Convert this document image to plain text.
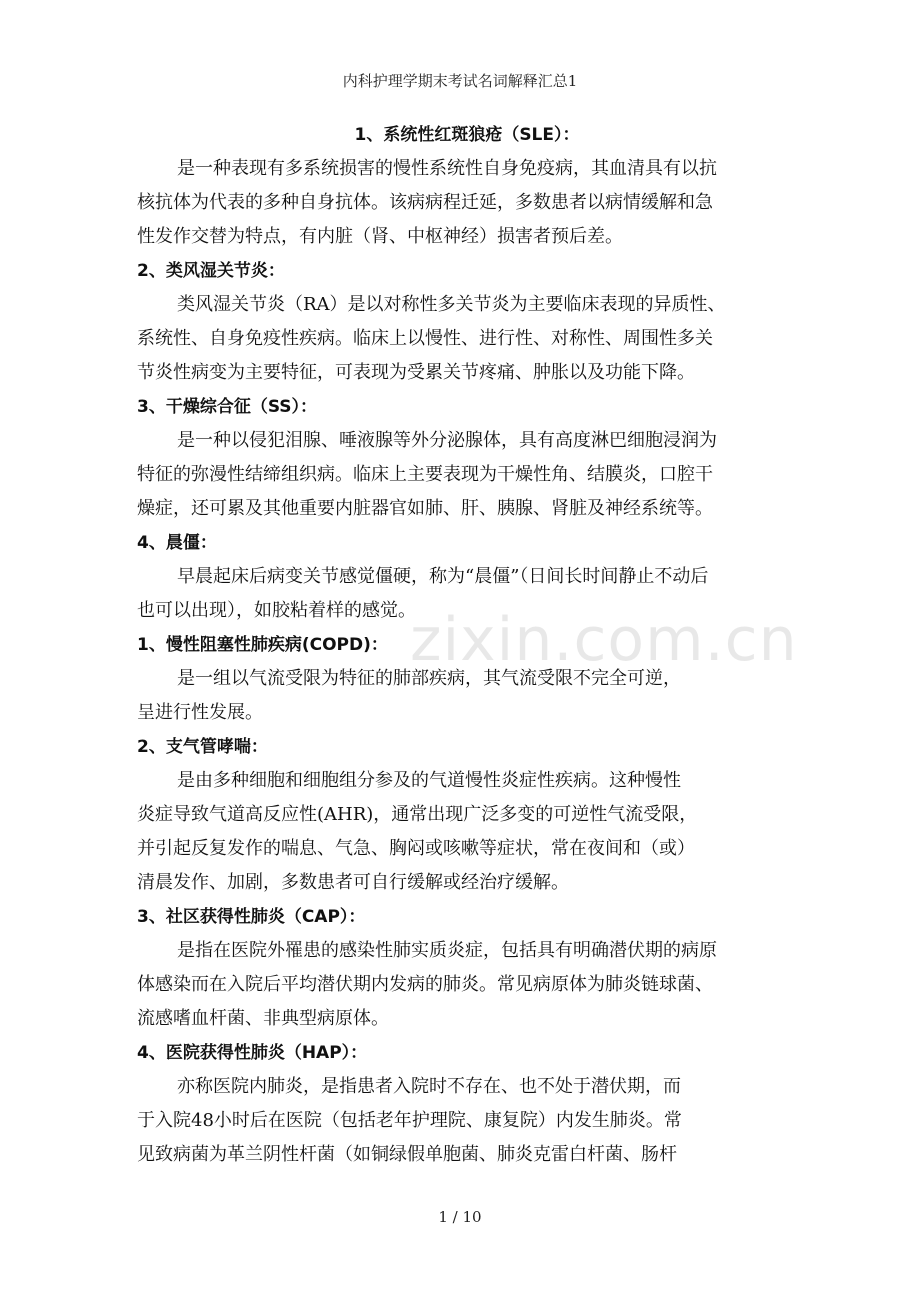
内科护理学期末考试名词解释汇总1

1、系统性红斑狼疮（SLE）：

是一种表现有多系统损害的慢性系统性自身免疫病，其血清具有以抗

核抗体为代表的多种自身抗体。该病病程迁延，多数患者以病情缓解和急

性发作交替为特点，有内脏（肾、中枢神经）损害者预后差。

2、类风湿关节炎：

类风湿关节炎（RA）是以对称性多关节炎为主要临床表现的异质性、

系统性、自身免疫性疾病。临床上以慢性、进行性、对称性、周围性多关

节炎性病变为主要特征，可表现为受累关节疼痛、肿胀以及功能下降。

3、干燥综合征（SS）：

是一种以侵犯泪腺、唾液腺等外分泌腺体，具有高度淋巴细胞浸润为

特征的弥漫性结缔组织病。临床上主要表现为干燥性角、结膜炎，口腔干

燥症，还可累及其他重要内脏器官如肺、肝、胰腺、肾脏及神经系统等。

4、晨僵：

早晨起床后病变关节感觉僵硬，称为“晨僵”（日间长时间静止不动后

也可以出现），如胶粘着样的感觉。

1、慢性阻塞性肺疾病(COPD)：

是一组以气流受限为特征的肺部疾病，其气流受限不完全可逆，

呈进行性发展。

2、支气管哮喘：

是由多种细胞和细胞组分参及的气道慢性炎症性疾病。这种慢性

炎症导致气道高反应性(AHR)，通常出现广泛多变的可逆性气流受限，

并引起反复发作的喘息、气急、胸闷或咳嗽等症状，常在夜间和（或）

清晨发作、加剧，多数患者可自行缓解或经治疗缓解。

3、社区获得性肺炎（CAP）：

是指在医院外罹患的感染性肺实质炎症，包括具有明确潜伏期的病原

体感染而在入院后平均潜伏期内发病的肺炎。常见病原体为肺炎链球菌、

流感嗜血杆菌、非典型病原体。

4、医院获得性肺炎（HAP）：

亦称医院内肺炎，是指患者入院时不存在、也不处于潜伏期，而

于入院48小时后在医院（包括老年护理院、康复院）内发生肺炎。常

见致病菌为革兰阴性杆菌（如铜绿假单胞菌、肺炎克雷白杆菌、肠杆

zixin.com.cn
1 / 10
